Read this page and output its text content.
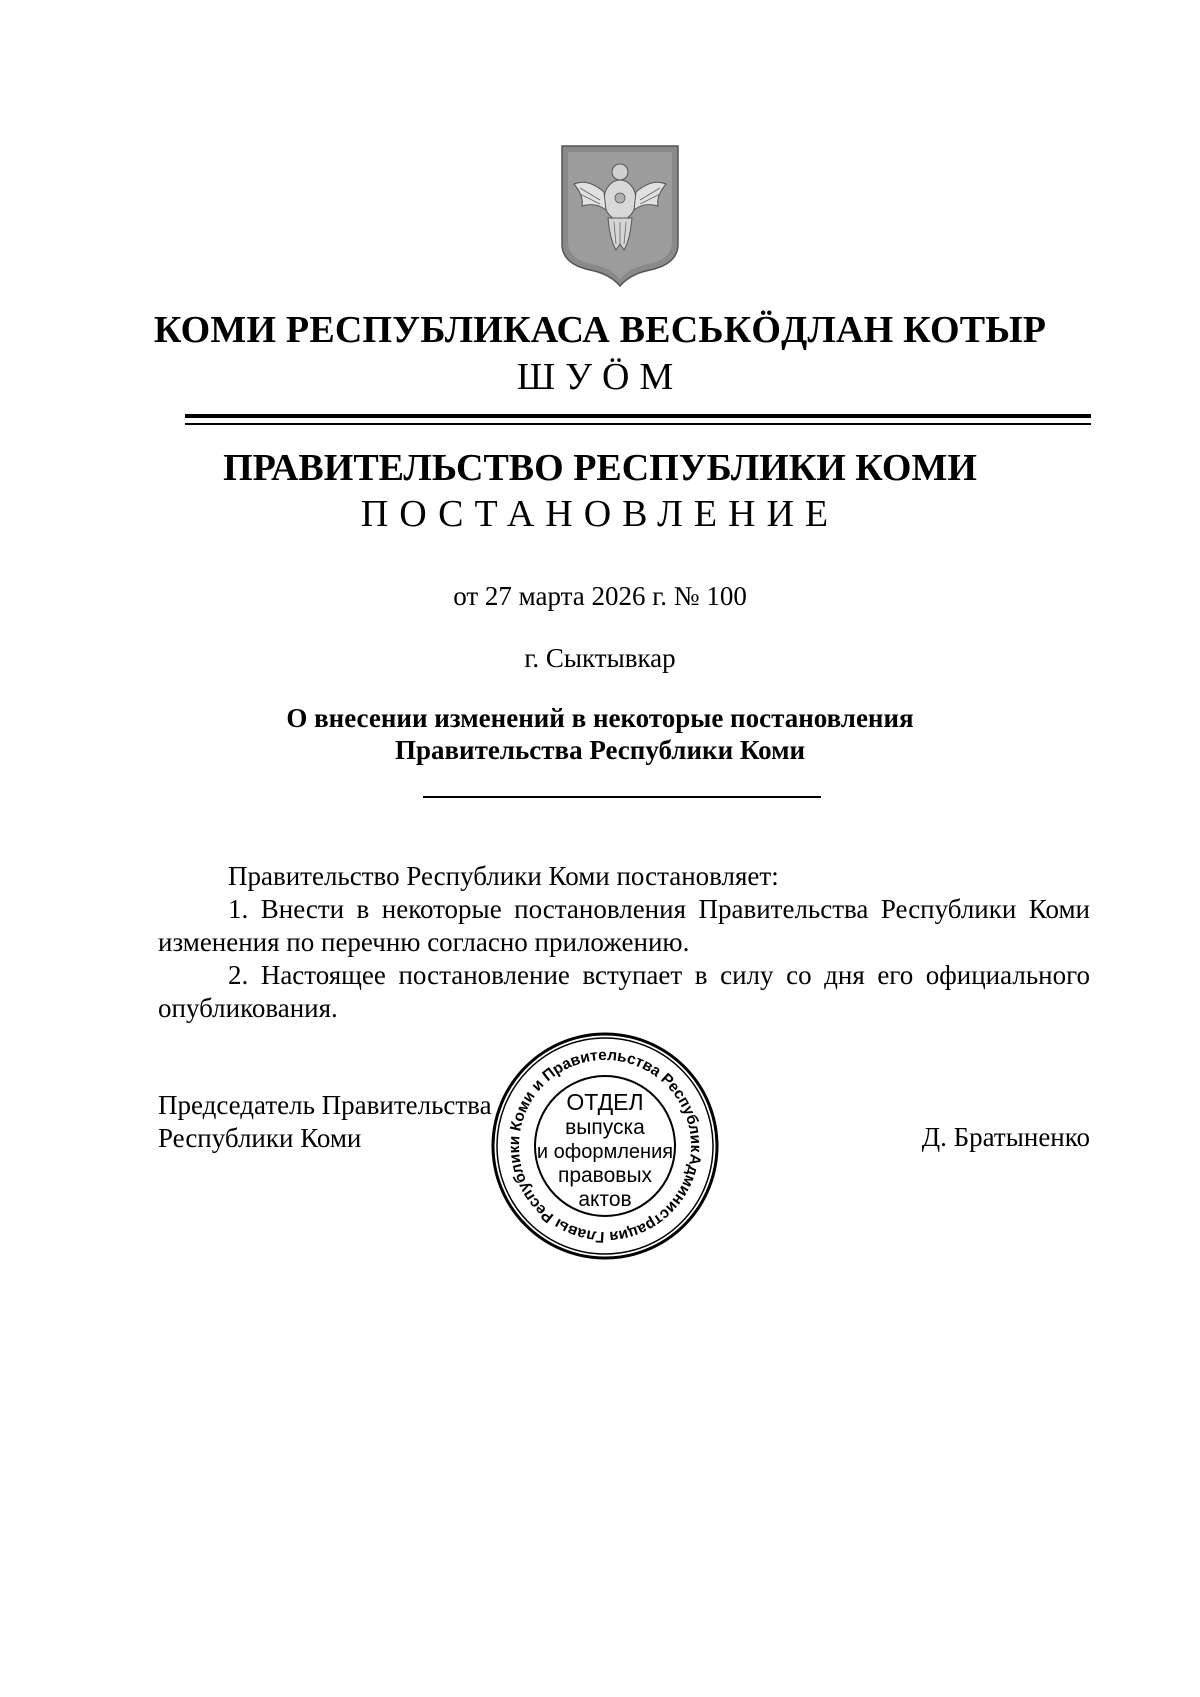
КОМИ РЕСПУБЛИКАСА ВЕСЬКӦДЛАН КОТЫР
ШУӦМ
ПРАВИТЕЛЬСТВО РЕСПУБЛИКИ КОМИ
ПОСТАНОВЛЕНИЕ
от 27 марта 2026 г. № 100
г. Сыктывкар
О внесении изменений в некоторые постановления
Правительства Республики Коми
Правительство Республики Коми постановляет:
1. Внести в некоторые постановления Правительства Республики Коми изменения по перечню согласно приложению.
2. Настоящее постановление вступает в силу со дня его официального опубликования.
Председатель Правительства
Республики Коми	Д. Братыненко
Администрация Главы Республики Коми и Правительства Республики
ОТДЕЛ
выпуска
и оформления
правовых
актов
